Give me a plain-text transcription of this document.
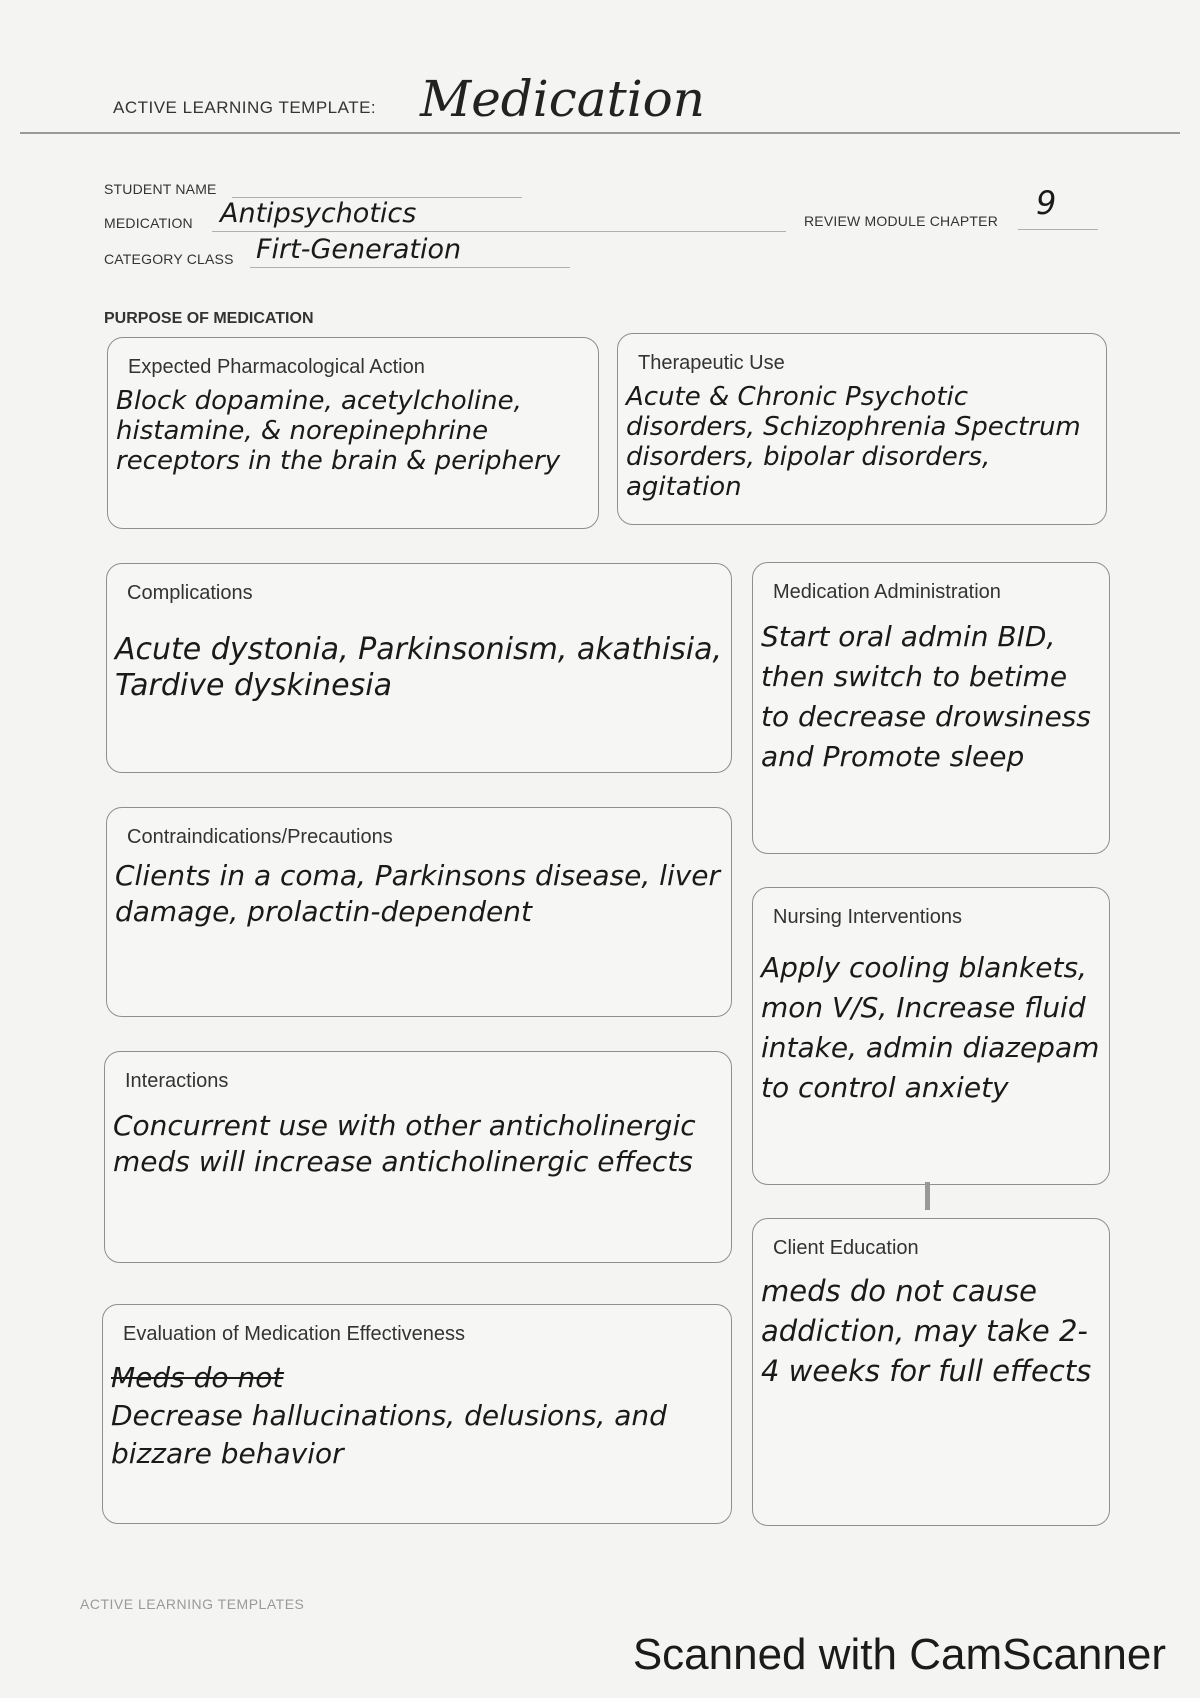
ACTIVE LEARNING TEMPLATE: Medication
STUDENT NAME
MEDICATION Antipsychotics
CATEGORY CLASS Firt-Generation
REVIEW MODULE CHAPTER 9
PURPOSE OF MEDICATION
Expected Pharmacological Action

Block dopamine, acetylcholine, histamine, & norepinephrine receptors in the brain & periphery

Therapeutic Use

Acute & Chronic Psychotic disorders, Schizophrenia Spectrum disorders, bipolar disorders, agitation

Complications

Acute dystonia, Parkinsonism, akathisia, Tardive dyskinesia

Medication Administration

Start oral admin BID, then switch to betime to decrease drowsiness and Promote sleep

Contraindications/Precautions

Clients in a coma, Parkinsons disease, liver damage, prolactin-dependent	Nursing Interventions

Apply cooling blankets, mon V/S, Increase fluid intake, admin diazepam to control anxiety

Interactions

Concurrent use with other anticholinergic meds will increase anticholinergic effects

Client Education

meds do not cause addiction, may take 2-4 weeks for full effects

Evaluation of Medication Effectiveness
Meds do not
Decrease hallucinations, delusions, and bizzare behavior
ACTIVE LEARNING TEMPLATES
Scanned with CamScanner
